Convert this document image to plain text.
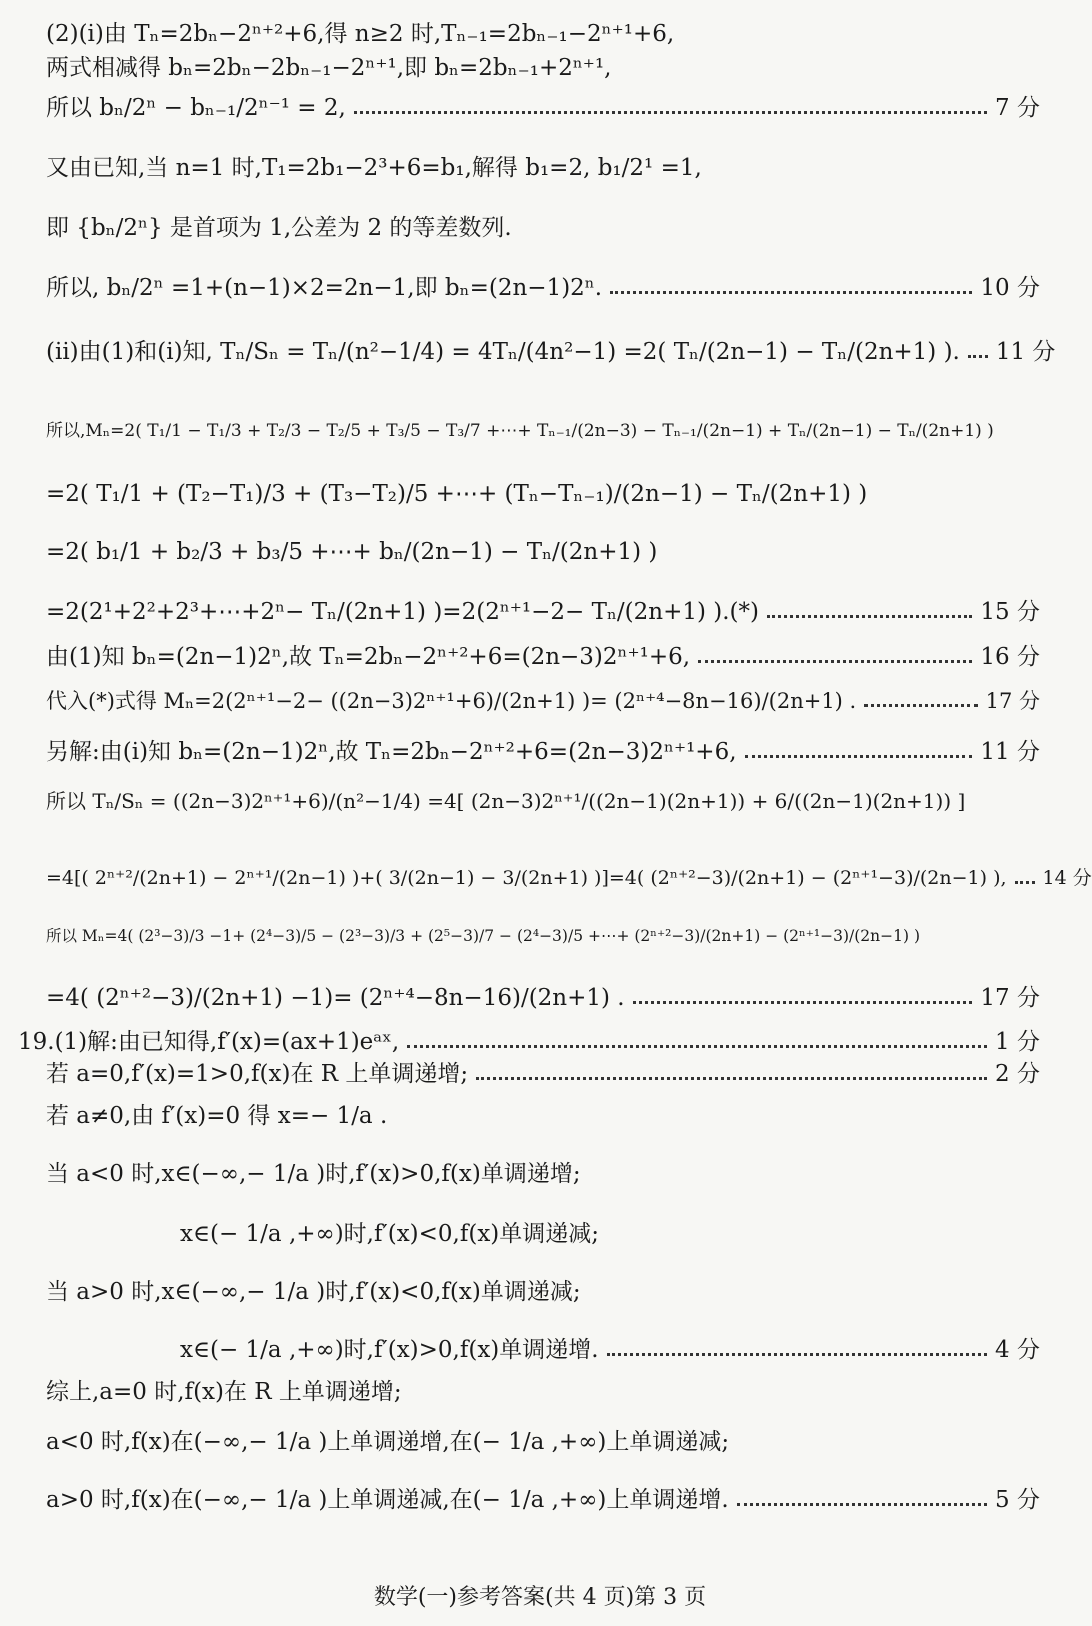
(2)(ⅰ)由 Tₙ=2bₙ−2ⁿ⁺²+6,得 n≥2 时,Tₙ₋₁=2bₙ₋₁−2ⁿ⁺¹+6,
两式相减得 bₙ=2bₙ−2bₙ₋₁−2ⁿ⁺¹,即 bₙ=2bₙ₋₁+2ⁿ⁺¹,
所以 bₙ/2ⁿ − bₙ₋₁/2ⁿ⁻¹ = 2,	7 分
又由已知,当 n=1 时,T₁=2b₁−2³+6=b₁,解得 b₁=2, b₁/2¹ =1,
即 {bₙ/2ⁿ} 是首项为 1,公差为 2 的等差数列.
所以, bₙ/2ⁿ =1+(n−1)×2=2n−1,即 bₙ=(2n−1)2ⁿ.	10 分
(ⅱ)由(1)和(ⅰ)知, Tₙ/Sₙ = Tₙ/(n²−1/4) = 4Tₙ/(4n²−1) =2( Tₙ/(2n−1) − Tₙ/(2n+1) ). 11 分
所以,Mₙ=2( T₁/1 − T₁/3 + T₂/3 − T₂/5 + T₃/5 − T₃/7 +⋯+ Tₙ₋₁/(2n−3) − Tₙ₋₁/(2n−1) + Tₙ/(2n−1) − Tₙ/(2n+1) )
=2( T₁/1 + (T₂−T₁)/3 + (T₃−T₂)/5 +⋯+ (Tₙ−Tₙ₋₁)/(2n−1) − Tₙ/(2n+1) )
=2( b₁/1 + b₂/3 + b₃/5 +⋯+ bₙ/(2n−1) − Tₙ/(2n+1) )
=2(2¹+2²+2³+⋯+2ⁿ− Tₙ/(2n+1) )=2(2ⁿ⁺¹−2− Tₙ/(2n+1) ).(*)	15 分
由(1)知 bₙ=(2n−1)2ⁿ,故 Tₙ=2bₙ−2ⁿ⁺²+6=(2n−3)2ⁿ⁺¹+6,	16 分
代入(*)式得 Mₙ=2(2ⁿ⁺¹−2− ((2n−3)2ⁿ⁺¹+6)/(2n+1) )= (2ⁿ⁺⁴−8n−16)/(2n+1) .	17 分
另解:由(ⅰ)知 bₙ=(2n−1)2ⁿ,故 Tₙ=2bₙ−2ⁿ⁺²+6=(2n−3)2ⁿ⁺¹+6,	11 分
所以 Tₙ/Sₙ = ((2n−3)2ⁿ⁺¹+6)/(n²−1/4) =4[ (2n−3)2ⁿ⁺¹/((2n−1)(2n+1)) + 6/((2n−1)(2n+1)) ]
=4[( 2ⁿ⁺²/(2n+1) − 2ⁿ⁺¹/(2n−1) )+( 3/(2n−1) − 3/(2n+1) )]=4( (2ⁿ⁺²−3)/(2n+1) − (2ⁿ⁺¹−3)/(2n−1) ), 14 分
所以 Mₙ=4( (2³−3)/3 −1+ (2⁴−3)/5 − (2³−3)/3 + (2⁵−3)/7 − (2⁴−3)/5 +⋯+ (2ⁿ⁺²−3)/(2n+1) − (2ⁿ⁺¹−3)/(2n−1) )
=4( (2ⁿ⁺²−3)/(2n+1) −1)= (2ⁿ⁺⁴−8n−16)/(2n+1) .	17 分
19.(1)解:由已知得,f′(x)=(ax+1)eᵃˣ,	1 分
若 a=0,f′(x)=1>0,f(x)在 R 上单调递增;	2 分
若 a≠0,由 f′(x)=0 得 x=− 1/a .
当 a<0 时,x∈(−∞,− 1/a )时,f′(x)>0,f(x)单调递增;
x∈(− 1/a ,+∞)时,f′(x)<0,f(x)单调递减;
当 a>0 时,x∈(−∞,− 1/a )时,f′(x)<0,f(x)单调递减;
x∈(− 1/a ,+∞)时,f′(x)>0,f(x)单调递增.	4 分
综上,a=0 时,f(x)在 R 上单调递增;
a<0 时,f(x)在(−∞,− 1/a )上单调递增,在(− 1/a ,+∞)上单调递减;
a>0 时,f(x)在(−∞,− 1/a )上单调递减,在(− 1/a ,+∞)上单调递增.	5 分
数学(一)参考答案(共 4 页)第 3 页
